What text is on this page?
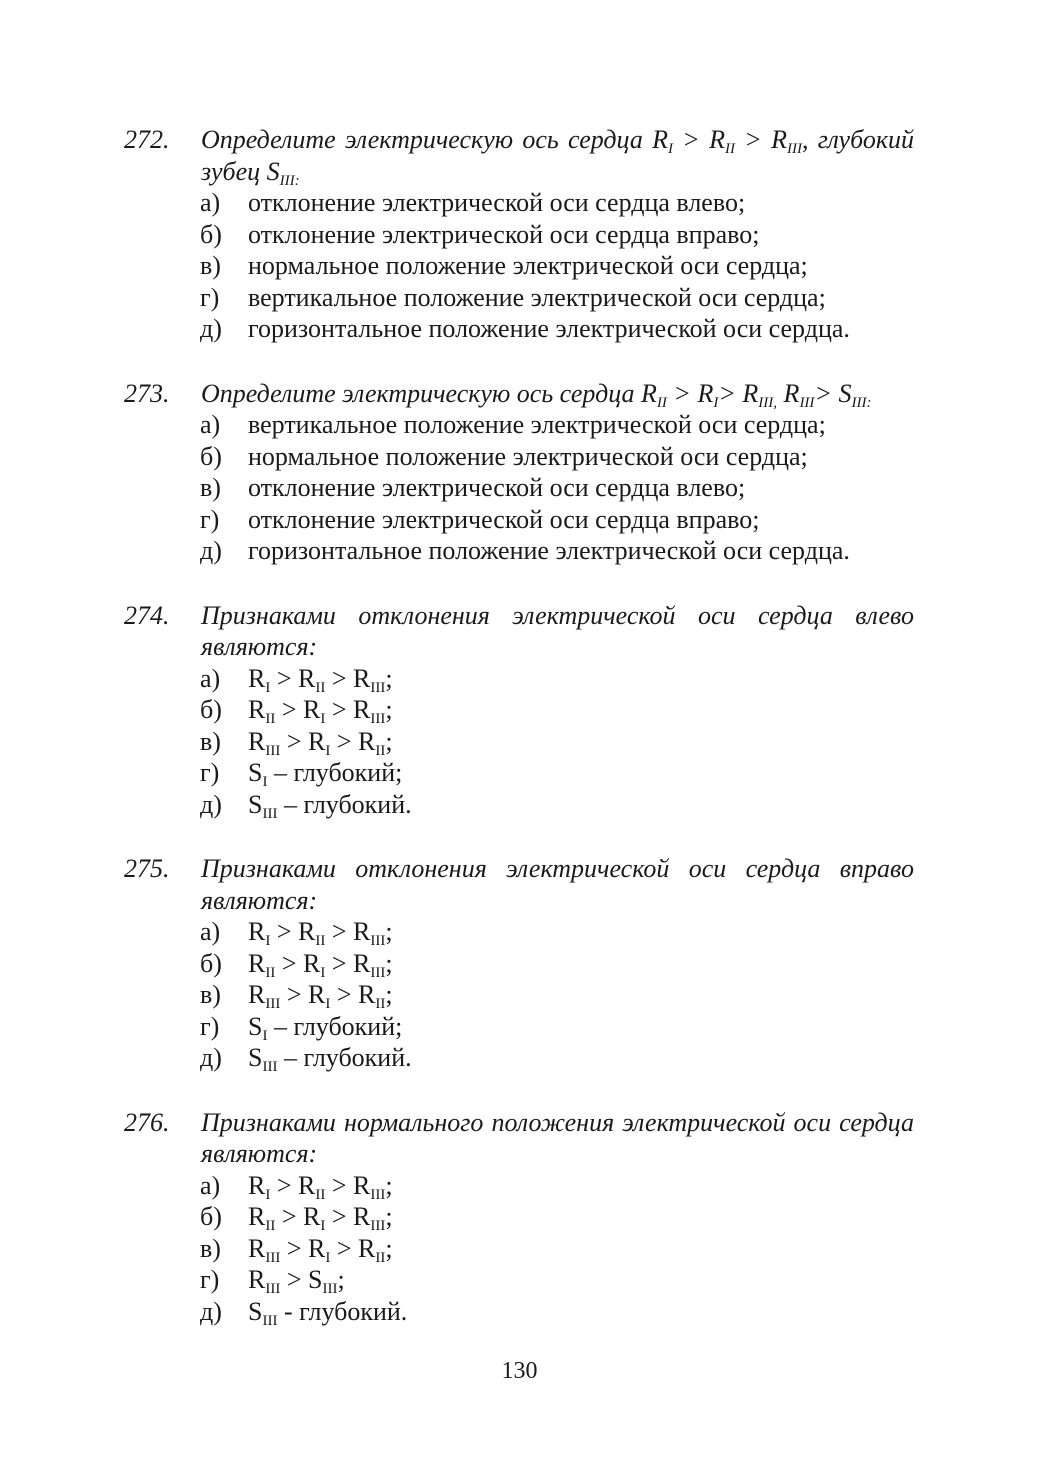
272.	Определите электрическую ось сердца $R_I > R_{II} > R_{III}$, глубокий зубец $S_{III:}$
а)	отклонение электрической оси сердца влево;
б)	отклонение электрической оси сердца вправо;
в)	нормальное положение электрической оси сердца;
г)	вертикальное положение электрической оси сердца;
д)	горизонтальное положение электрической оси сердца.
273.	Определите электрическую ось сердца $R_{II} > R_I> R_{III,}$ $R_{III}> S_{III:}$
а)	вертикальное положение электрической оси сердца;
б)	нормальное положение электрической оси сердца;
в)	отклонение электрической оси сердца влево;
г)	отклонение электрической оси сердца вправо;
д)	горизонтальное положение электрической оси сердца.
274.	Признаками отклонения электрической оси сердца влево являются:
а)	$R_I > R_{II} > R_{III}$;
б)	$R_{II} > R_I > R_{III}$;
в)	$R_{III} > R_I > R_{II}$;
г)	$S_I$ – глубокий;
д)	$S_{III}$ – глубокий.
275.	Признаками отклонения электрической оси сердца вправо являются:
а)	$R_I > R_{II} > R_{III}$;
б)	$R_{II} > R_I > R_{III}$;
в)	$R_{III} > R_I > R_{II}$;
г)	$S_I$ – глубокий;
д)	$S_{III}$ – глубокий.
276.	Признаками нормального положения электрической оси сердца являются:
а)	$R_I > R_{II} > R_{III}$;
б)	$R_{II} > R_I > R_{III}$;
в)	$R_{III} > R_I > R_{II}$;
г)	$R_{III} > S_{III}$;
д)	$S_{III}$ - глубокий.
130
